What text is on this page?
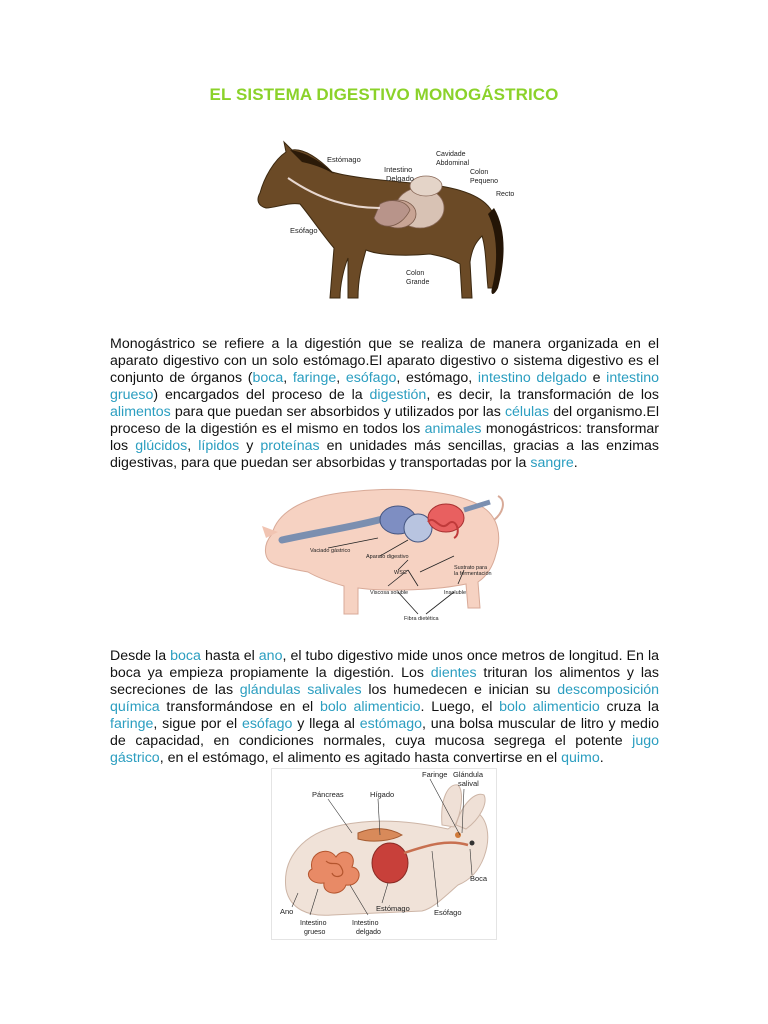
EL SISTEMA DIGESTIVO MONOGÁSTRICO
Estómago
Cavidade
Abdominal
Intestino
Delgado
Colon
Pequeno
Recto
Esófago
Colon
Grande

Monogástrico se refiere a la digestión que se realiza de manera organizada en el aparato digestivo con un solo estómago.El aparato digestivo o sistema digestivo es el conjunto de órganos (boca, faringe, esófago, estómago, intestino delgado e intestino grueso) encargados del proceso de la digestión, es decir, la transformación de los alimentos para que puedan ser absorbidos y utilizados por las células del organismo.El proceso de la digestión es el mismo en todos los animales monogástricos: transformar los glúcidos, lípidos y proteínas en unidades más sencillas, gracias a las enzimas digestivas, para que puedan ser absorbidas y transportadas por la sangre.

Vaciado gástrico
Aparato digestivo
WSC
Sustrato para
la fermentación
Viscosa soluble	Insoluble
Fibra dietética

Desde la boca hasta el ano, el tubo digestivo mide unos once metros de longitud. En la boca ya empieza propiamente la digestión. Los dientes trituran los alimentos y las secreciones de las glándulas salivales los humedecen e inician su descomposición química transformándose en el bolo alimenticio. Luego, el bolo alimenticio cruza la faringe, sigue por el esófago y llega al estómago, una bolsa muscular de litro y medio de capacidad, en condiciones normales, cuya mucosa segrega el potente jugo gástrico, en el estómago, el alimento es agitado hasta convertirse en el quimo.

Faringe Glándula
salival
Páncreas	Hígado
Boca
Estómago	Esófago
Ano
Intestino
grueso
Intestino
delgado
